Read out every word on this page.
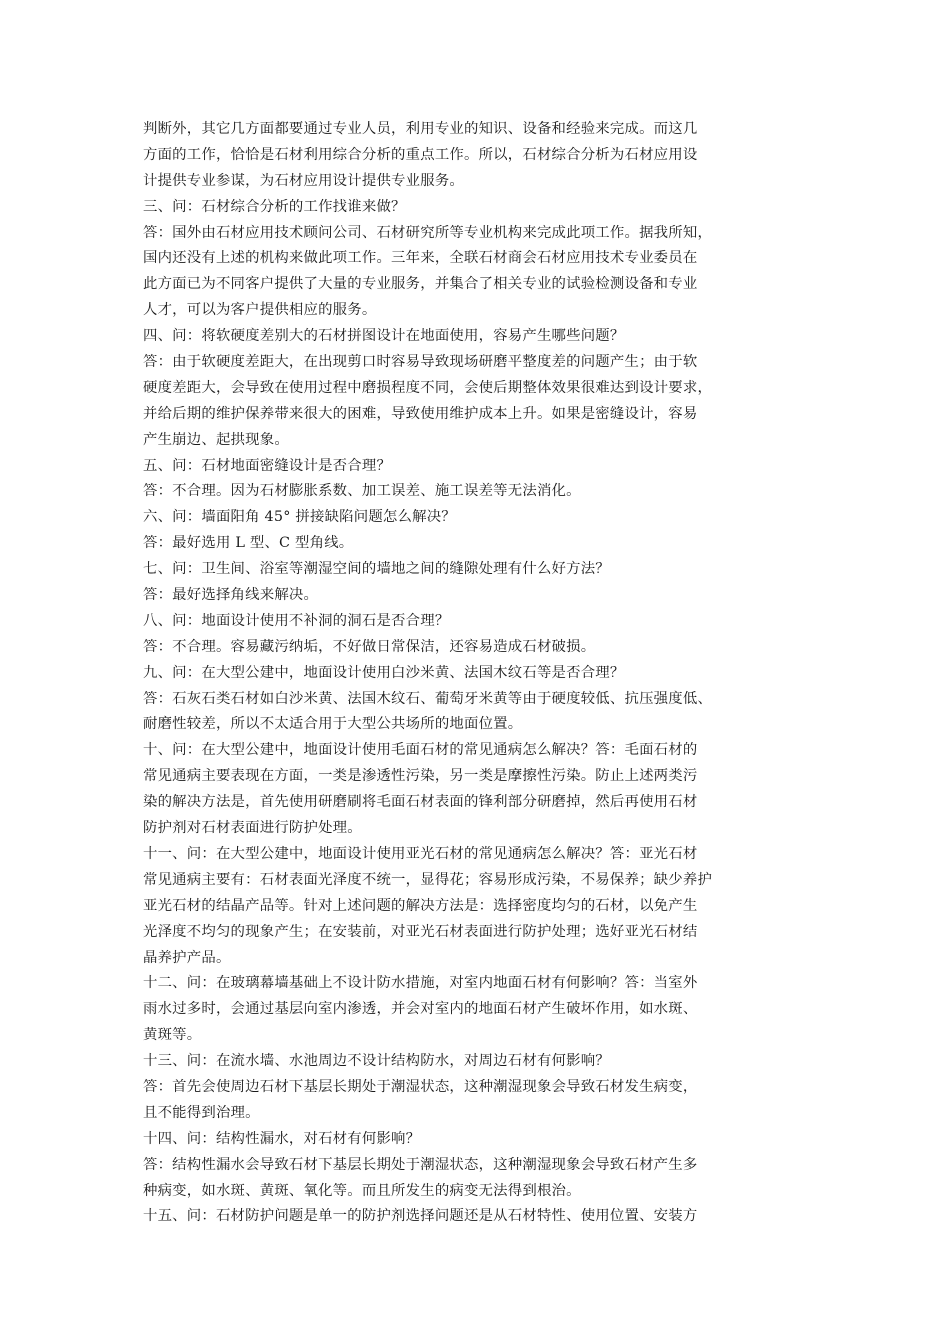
判断外，其它几方面都要通过专业人员，利用专业的知识、设备和经验来完成。而这几
方面的工作，恰恰是石材利用综合分析的重点工作。所以，石材综合分析为石材应用设
计提供专业参谋，为石材应用设计提供专业服务。
三、问：石材综合分析的工作找谁来做？
答：国外由石材应用技术顾问公司、石材研究所等专业机构来完成此项工作。据我所知，
国内还没有上述的机构来做此项工作。三年来，全联石材商会石材应用技术专业委员在
此方面已为不同客户提供了大量的专业服务，并集合了相关专业的试验检测设备和专业
人才，可以为客户提供相应的服务。
四、问：将软硬度差别大的石材拼图设计在地面使用，容易产生哪些问题？
答：由于软硬度差距大，在出现剪口时容易导致现场研磨平整度差的问题产生；由于软
硬度差距大，会导致在使用过程中磨损程度不同，会使后期整体效果很难达到设计要求，
并给后期的维护保养带来很大的困难，导致使用维护成本上升。如果是密缝设计，容易
产生崩边、起拱现象。
五、问：石材地面密缝设计是否合理？
答：不合理。因为石材膨胀系数、加工误差、施工误差等无法消化。
六、问：墙面阳角 45° 拼接缺陷问题怎么解决？
答：最好选用 L 型、C 型角线。
七、问：卫生间、浴室等潮湿空间的墙地之间的缝隙处理有什么好方法？
答：最好选择角线来解决。
八、问：地面设计使用不补洞的洞石是否合理？
答：不合理。容易藏污纳垢，不好做日常保洁，还容易造成石材破损。
九、问：在大型公建中，地面设计使用白沙米黄、法国木纹石等是否合理？
答：石灰石类石材如白沙米黄、法国木纹石、葡萄牙米黄等由于硬度较低、抗压强度低、
耐磨性较差，所以不太适合用于大型公共场所的地面位置。
十、问：在大型公建中，地面设计使用毛面石材的常见通病怎么解决？答：毛面石材的
常见通病主要表现在方面，一类是渗透性污染，另一类是摩擦性污染。防止上述两类污
染的解决方法是，首先使用研磨刷将毛面石材表面的锋利部分研磨掉，然后再使用石材
防护剂对石材表面进行防护处理。
十一、问：在大型公建中，地面设计使用亚光石材的常见通病怎么解决？答：亚光石材
常见通病主要有：石材表面光泽度不统一，显得花；容易形成污染，不易保养；缺少养护
亚光石材的结晶产品等。针对上述问题的解决方法是：选择密度均匀的石材，以免产生
光泽度不均匀的现象产生；在安装前，对亚光石材表面进行防护处理；选好亚光石材结
晶养护产品。
十二、问：在玻璃幕墙基础上不设计防水措施，对室内地面石材有何影响？答：当室外
雨水过多时，会通过基层向室内渗透，并会对室内的地面石材产生破坏作用，如水斑、
黄斑等。
十三、问：在流水墙、水池周边不设计结构防水，对周边石材有何影响？
答：首先会使周边石材下基层长期处于潮湿状态，这种潮湿现象会导致石材发生病变，
且不能得到治理。
十四、问：结构性漏水，对石材有何影响？
答：结构性漏水会导致石材下基层长期处于潮湿状态，这种潮湿现象会导致石材产生多
种病变，如水斑、黄斑、氧化等。而且所发生的病变无法得到根治。
十五、问：石材防护问题是单一的防护剂选择问题还是从石材特性、使用位置、安装方
